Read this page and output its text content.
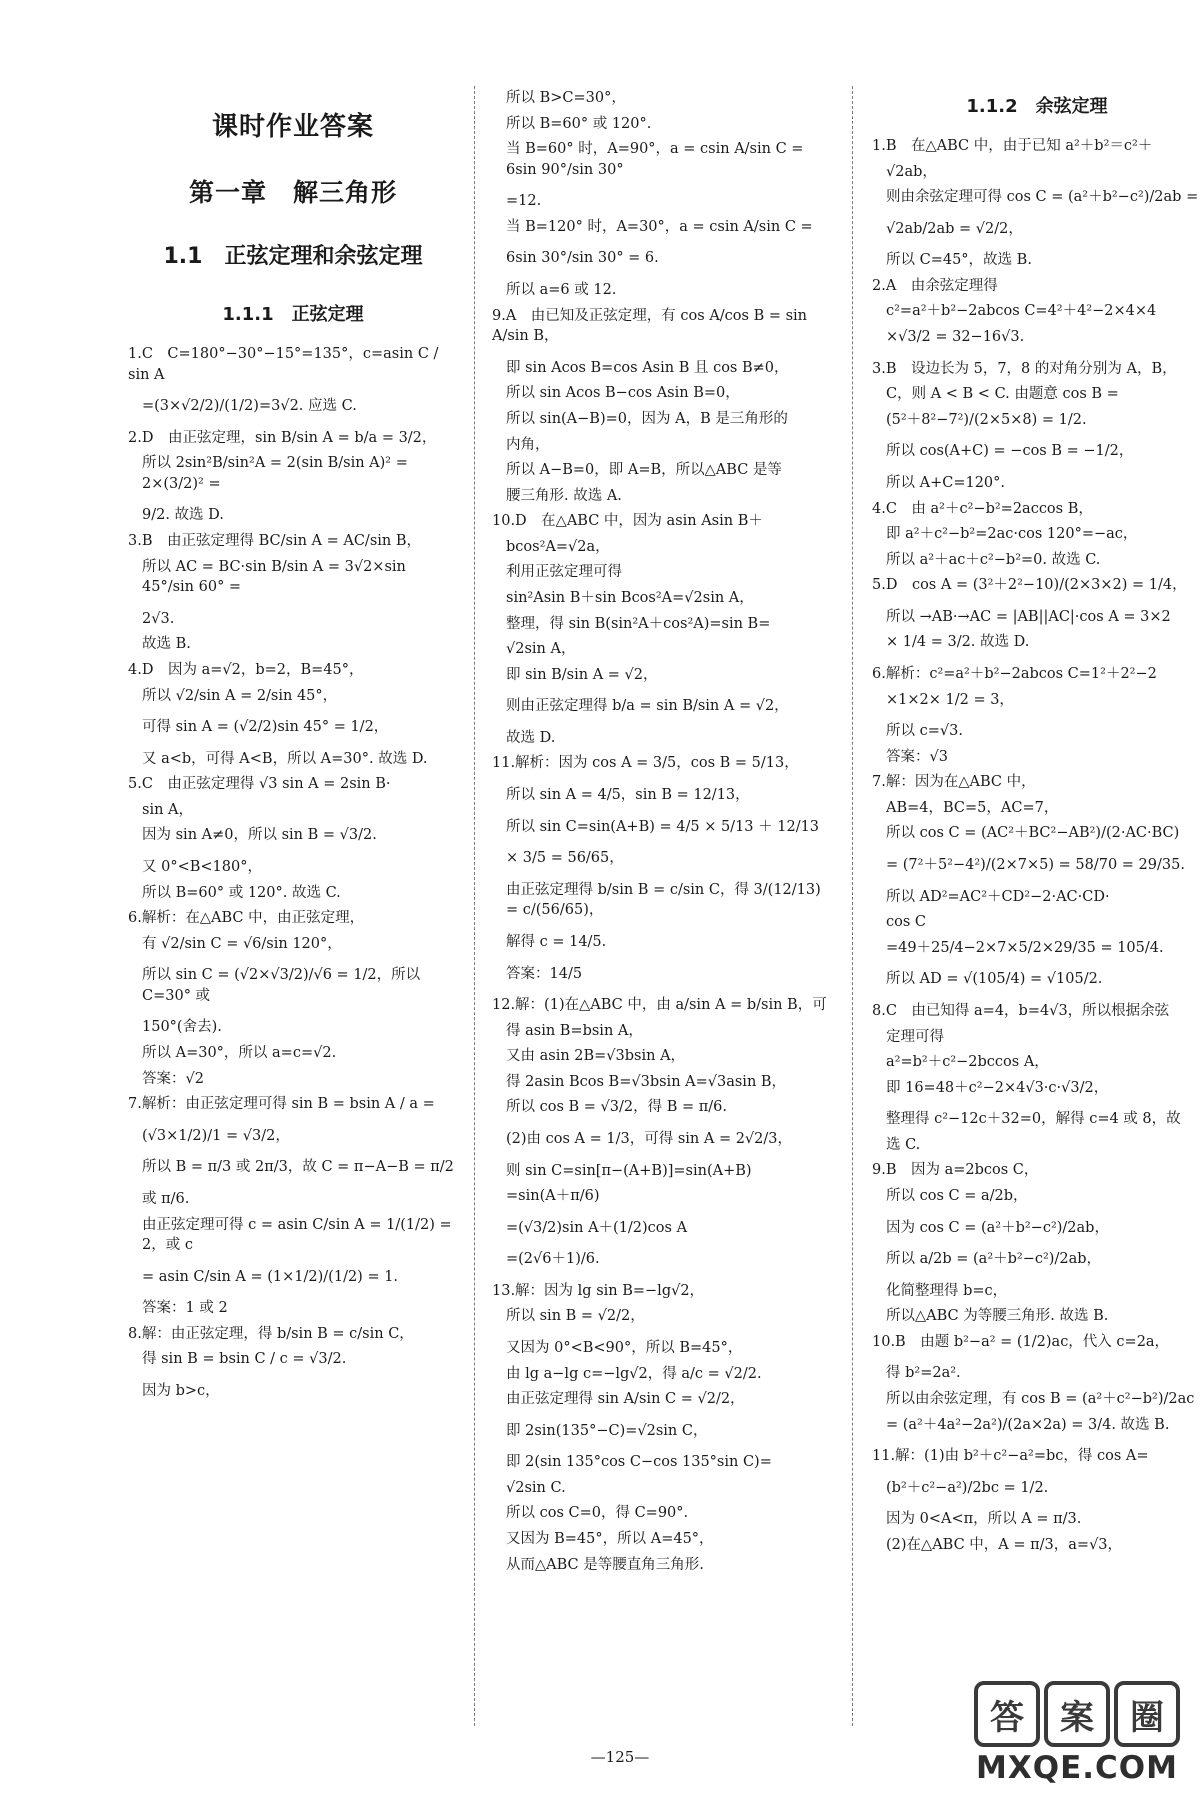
课时作业答案
第一章　解三角形
1.1　正弦定理和余弦定理
1.1.1　正弦定理
1.C　C=180°−30°−15°=135°，c=asin C / sin A
=(3×√2/2)/(1/2)=3√2. 应选 C.
2.D　由正弦定理，sin B/sin A = b/a = 3/2，
所以 2sin²B/sin²A = 2(sin B/sin A)² = 2×(3/2)² =
9/2. 故选 D.
3.B　由正弦定理得 BC/sin A = AC/sin B，
所以 AC = BC·sin B/sin A = 3√2×sin 45°/sin 60° =
2√3.
故选 B.
4.D　因为 a=√2，b=2，B=45°，
所以 √2/sin A = 2/sin 45°，
可得 sin A = (√2/2)sin 45° = 1/2，
又 a<b，可得 A<B，所以 A=30°. 故选 D.
5.C　由正弦定理得 √3 sin A = 2sin B·
sin A，
因为 sin A≠0，所以 sin B = √3/2.
又 0°<B<180°，
所以 B=60° 或 120°. 故选 C.
6.解析：在△ABC 中，由正弦定理，
有 √2/sin C = √6/sin 120°，
所以 sin C = (√2×√3/2)/√6 = 1/2，所以 C=30° 或
150°(舍去).
所以 A=30°，所以 a=c=√2.
答案：√2
7.解析：由正弦定理可得 sin B = bsin A / a =
(√3×1/2)/1 = √3/2，
所以 B = π/3 或 2π/3，故 C = π−A−B = π/2
或 π/6.
由正弦定理可得 c = asin C/sin A = 1/(1/2) = 2，或 c
= asin C/sin A = (1×1/2)/(1/2) = 1.
答案：1 或 2
8.解：由正弦定理，得 b/sin B = c/sin C，
得 sin B = bsin C / c = √3/2.
因为 b>c，
所以 B>C=30°，
所以 B=60° 或 120°.
当 B=60° 时，A=90°，a = csin A/sin C = 6sin 90°/sin 30°
=12.
当 B=120° 时，A=30°，a = csin A/sin C =
6sin 30°/sin 30° = 6.
所以 a=6 或 12.
9.A　由已知及正弦定理，有 cos A/cos B = sin A/sin B，
即 sin Acos B=cos Asin B 且 cos B≠0，
所以 sin Acos B−cos Asin B=0，
所以 sin(A−B)=0，因为 A，B 是三角形的
内角，
所以 A−B=0，即 A=B，所以△ABC 是等
腰三角形. 故选 A.
10.D　在△ABC 中，因为 asin Asin B＋
bcos²A=√2a，
利用正弦定理可得
sin²Asin B＋sin Bcos²A=√2sin A，
整理，得 sin B(sin²A＋cos²A)=sin B=
√2sin A，
即 sin B/sin A = √2，
则由正弦定理得 b/a = sin B/sin A = √2，
故选 D.
11.解析：因为 cos A = 3/5，cos B = 5/13，
所以 sin A = 4/5，sin B = 12/13，
所以 sin C=sin(A+B) = 4/5 × 5/13 ＋ 12/13
× 3/5 = 56/65，
由正弦定理得 b/sin B = c/sin C，得 3/(12/13) = c/(56/65)，
解得 c = 14/5.
答案：14/5
12.解：(1)在△ABC 中，由 a/sin A = b/sin B，可
得 asin B=bsin A，
又由 asin 2B=√3bsin A，
得 2asin Bcos B=√3bsin A=√3asin B，
所以 cos B = √3/2，得 B = π/6.
(2)由 cos A = 1/3，可得 sin A = 2√2/3，
则 sin C=sin[π−(A+B)]=sin(A+B)
=sin(A＋π/6)
=(√3/2)sin A＋(1/2)cos A
=(2√6＋1)/6.
13.解：因为 lg sin B=−lg√2，
所以 sin B = √2/2，
又因为 0°<B<90°，所以 B=45°，
由 lg a−lg c=−lg√2，得 a/c = √2/2.
由正弦定理得 sin A/sin C = √2/2，
即 2sin(135°−C)=√2sin C，
即 2(sin 135°cos C−cos 135°sin C)=
√2sin C.
所以 cos C=0，得 C=90°.
又因为 B=45°，所以 A=45°，
从而△ABC 是等腰直角三角形.
1.1.2　余弦定理
1.B　在△ABC 中，由于已知 a²＋b²＝c²＋
√2ab，
则由余弦定理可得 cos C = (a²＋b²−c²)/2ab =
√2ab/2ab = √2/2，
所以 C=45°，故选 B.
2.A　由余弦定理得
c²=a²＋b²−2abcos C=4²＋4²−2×4×4
×√3/2 = 32−16√3.
3.B　设边长为 5，7，8 的对角分别为 A，B，
C，则 A < B < C. 由题意 cos B =
(5²＋8²−7²)/(2×5×8) = 1/2.
所以 cos(A+C) = −cos B = −1/2，
所以 A+C=120°.
4.C　由 a²＋c²−b²=2accos B，
即 a²＋c²−b²=2ac·cos 120°=−ac，
所以 a²＋ac＋c²−b²=0. 故选 C.
5.D　cos A = (3²＋2²−10)/(2×3×2) = 1/4，
所以 →AB·→AC = |AB||AC|·cos A = 3×2
× 1/4 = 3/2. 故选 D.
6.解析：c²=a²＋b²−2abcos C=1²＋2²−2
×1×2× 1/2 = 3，
所以 c=√3.
答案：√3
7.解：因为在△ABC 中，
AB=4，BC=5，AC=7，
所以 cos C = (AC²＋BC²−AB²)/(2·AC·BC)
= (7²＋5²−4²)/(2×7×5) = 58/70 = 29/35.
所以 AD²=AC²＋CD²−2·AC·CD·
cos C
=49＋25/4−2×7×5/2×29/35 = 105/4.
所以 AD = √(105/4) = √105/2.
8.C　由已知得 a=4，b=4√3，所以根据余弦
定理可得
a²=b²＋c²−2bccos A，
即 16=48＋c²−2×4√3·c·√3/2，
整理得 c²−12c＋32=0，解得 c=4 或 8，故
选 C.
9.B　因为 a=2bcos C，
所以 cos C = a/2b，
因为 cos C = (a²＋b²−c²)/2ab，
所以 a/2b = (a²＋b²−c²)/2ab，
化简整理得 b=c，
所以△ABC 为等腰三角形. 故选 B.
10.B　由题 b²−a² = (1/2)ac，代入 c=2a，
得 b²=2a².
所以由余弦定理，有 cos B = (a²＋c²−b²)/2ac
= (a²＋4a²−2a²)/(2a×2a) = 3/4. 故选 B.
11.解：(1)由 b²＋c²−a²=bc，得 cos A=
(b²＋c²−a²)/2bc = 1/2.
因为 0<A<π，所以 A = π/3.
(2)在△ABC 中，A = π/3，a=√3，
—125—
答	案	圈
MXQE.COM
